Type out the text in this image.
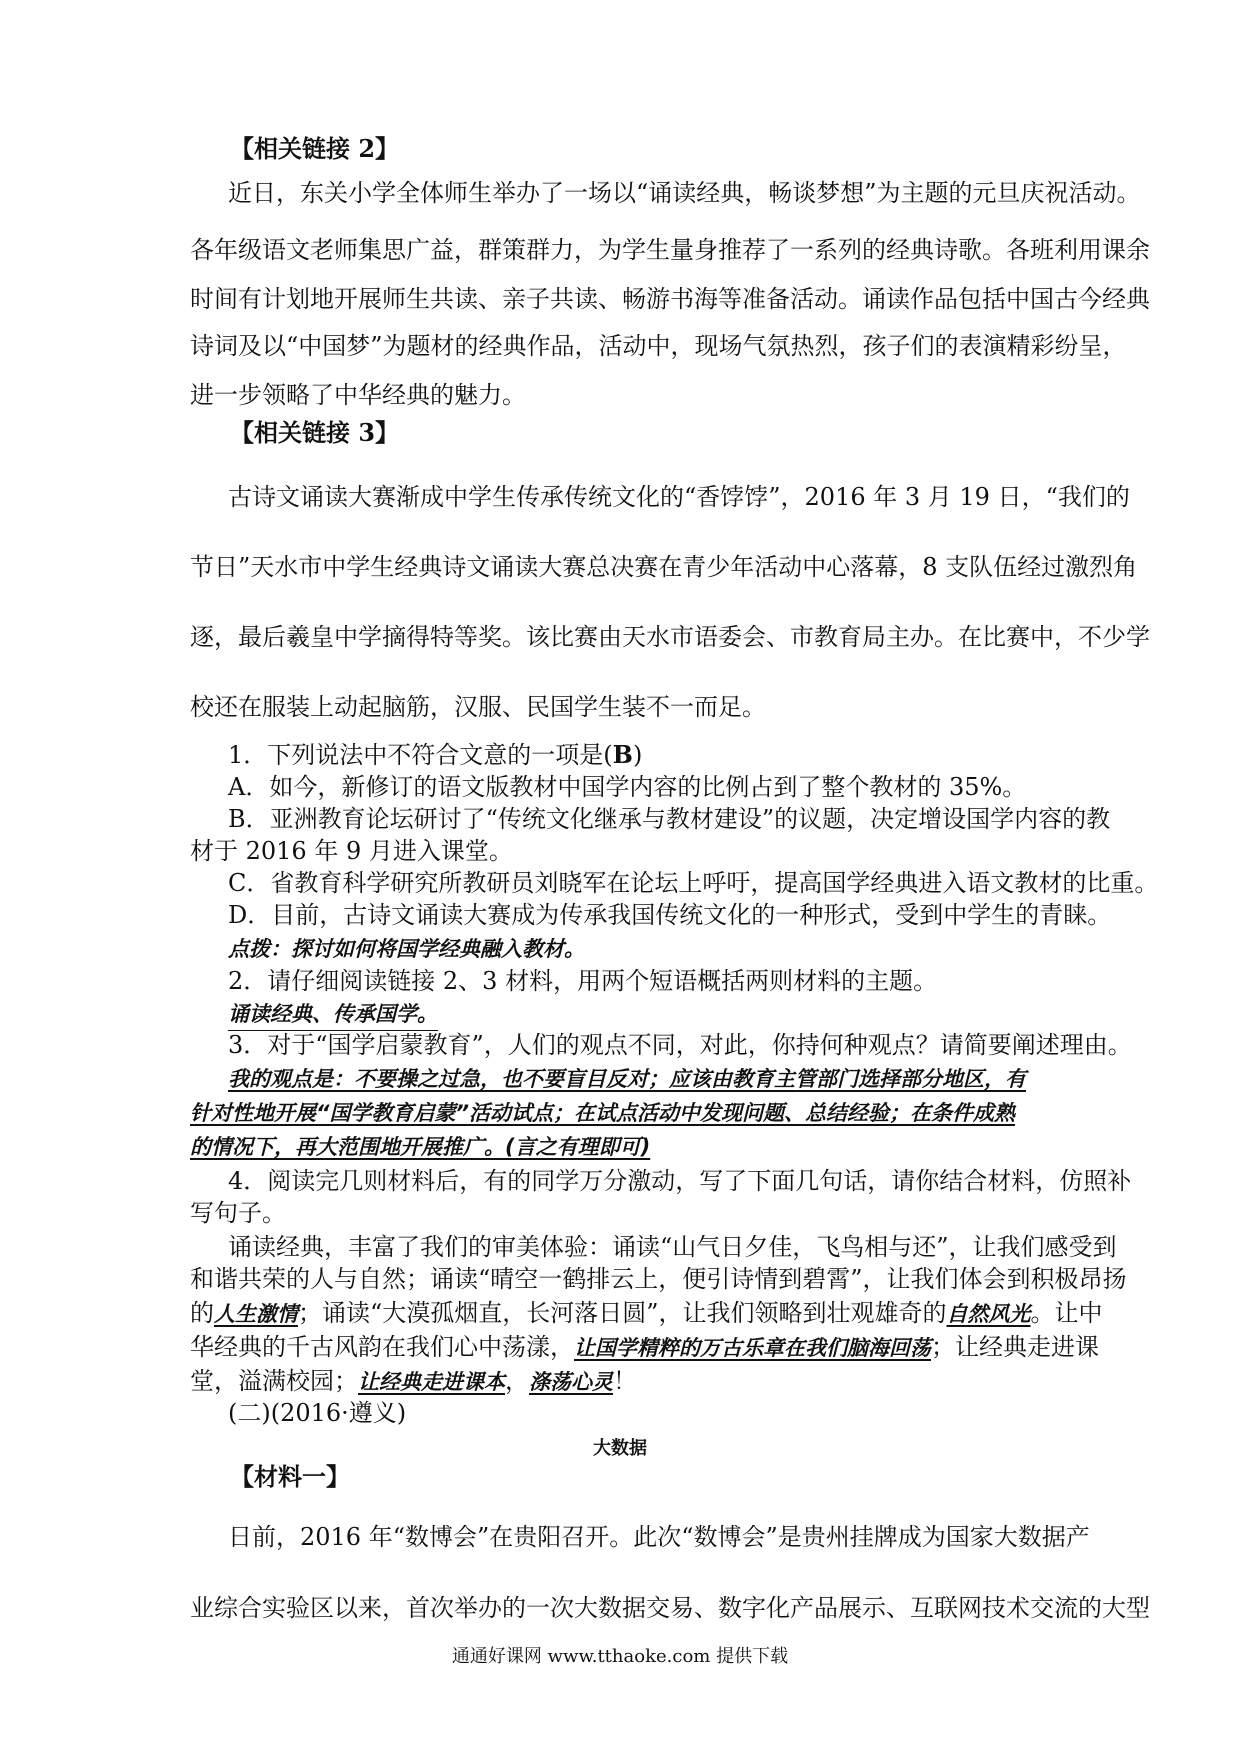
【相关链接 2】
近日，东关小学全体师生举办了一场以“诵读经典，畅谈梦想”为主题的元旦庆祝活动。
各年级语文老师集思广益，群策群力，为学生量身推荐了一系列的经典诗歌。各班利用课余
时间有计划地开展师生共读、亲子共读、畅游书海等准备活动。诵读作品包括中国古今经典
诗词及以“中国梦”为题材的经典作品，活动中，现场气氛热烈，孩子们的表演精彩纷呈，
进一步领略了中华经典的魅力。
【相关链接 3】
古诗文诵读大赛渐成中学生传承传统文化的“香饽饽”，2016 年 3 月 19 日，“我们的
节日”天水市中学生经典诗文诵读大赛总决赛在青少年活动中心落幕，8 支队伍经过激烈角
逐，最后羲皇中学摘得特等奖。该比赛由天水市语委会、市教育局主办。在比赛中，不少学
校还在服装上动起脑筋，汉服、民国学生装不一而足。
1．下列说法中不符合文意的一项是(B)
A．如今，新修订的语文版教材中国学内容的比例占到了整个教材的 35%。
B．亚洲教育论坛研讨了“传统文化继承与教材建设”的议题，决定增设国学内容的教
材于 2016 年 9 月进入课堂。
C．省教育科学研究所教研员刘晓军在论坛上呼吁，提高国学经典进入语文教材的比重。
D．目前，古诗文诵读大赛成为传承我国传统文化的一种形式，受到中学生的青睐。
点拨：探讨如何将国学经典融入教材。
2．请仔细阅读链接 2、3 材料，用两个短语概括两则材料的主题。
诵读经典、传承国学。
3．对于“国学启蒙教育”，人们的观点不同，对此，你持何种观点？请简要阐述理由。
我的观点是：不要操之过急，也不要盲目反对；应该由教育主管部门选择部分地区，有
针对性地开展“国学教育启蒙”活动试点；在试点活动中发现问题、总结经验；在条件成熟
的情况下，再大范围地开展推广。(言之有理即可)
4．阅读完几则材料后，有的同学万分激动，写了下面几句话，请你结合材料，仿照补
写句子。
诵读经典，丰富了我们的审美体验：诵读“山气日夕佳，飞鸟相与还”，让我们感受到
和谐共荣的人与自然；诵读“晴空一鹤排云上，便引诗情到碧霄”，让我们体会到积极昂扬
的人生激情；诵读“大漠孤烟直，长河落日圆”，让我们领略到壮观雄奇的自然风光。让中
华经典的千古风韵在我们心中荡漾，让国学精粹的万古乐章在我们脑海回荡；让经典走进课
堂，溢满校园；让经典走进课本，涤荡心灵！
(二)(2016·遵义)
大数据
【材料一】
日前，2016 年“数博会”在贵阳召开。此次“数博会”是贵州挂牌成为国家大数据产
业综合实验区以来，首次举办的一次大数据交易、数字化产品展示、互联网技术交流的大型
通通好课网 www.tthaoke.com 提供下载
